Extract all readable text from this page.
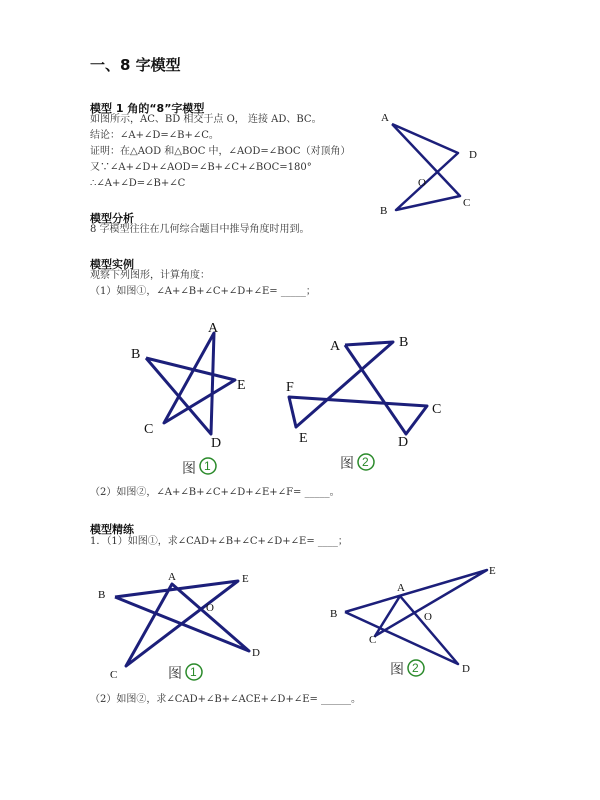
一、8 字模型
模型 1 角的“8”字模型
如图所示，AC、BD 相交于点 O， 连接 AD、BC。
结论：∠A+∠D=∠B+∠C。
证明：在△AOD 和△BOC 中，∠AOD=∠BOC（对顶角）
又∵∠A+∠D+∠AOD=∠B+∠C+∠BOC=180°
∴∠A+∠D=∠B+∠C
A
D
O
B
C
模型分析
8 字模型往往在几何综合题目中推导角度时用到。
模型实例
观察下列图形，计算角度：
（1）如图①，∠A+∠B+∠C+∠D+∠E= _____；
A
B
C
D
E
图 1
A	B
F
E
C
D
图 2
（2）如图②，∠A+∠B+∠C+∠D+∠E+∠F= _____。
模型精练
1．（1）如图①，求∠CAD+∠B+∠C+∠D+∠E= ____；
A	E
B
O
C
D
图 1
A
E
B	O
C
D
图 2
（2）如图②，求∠CAD+∠B+∠ACE+∠D+∠E= ______。
